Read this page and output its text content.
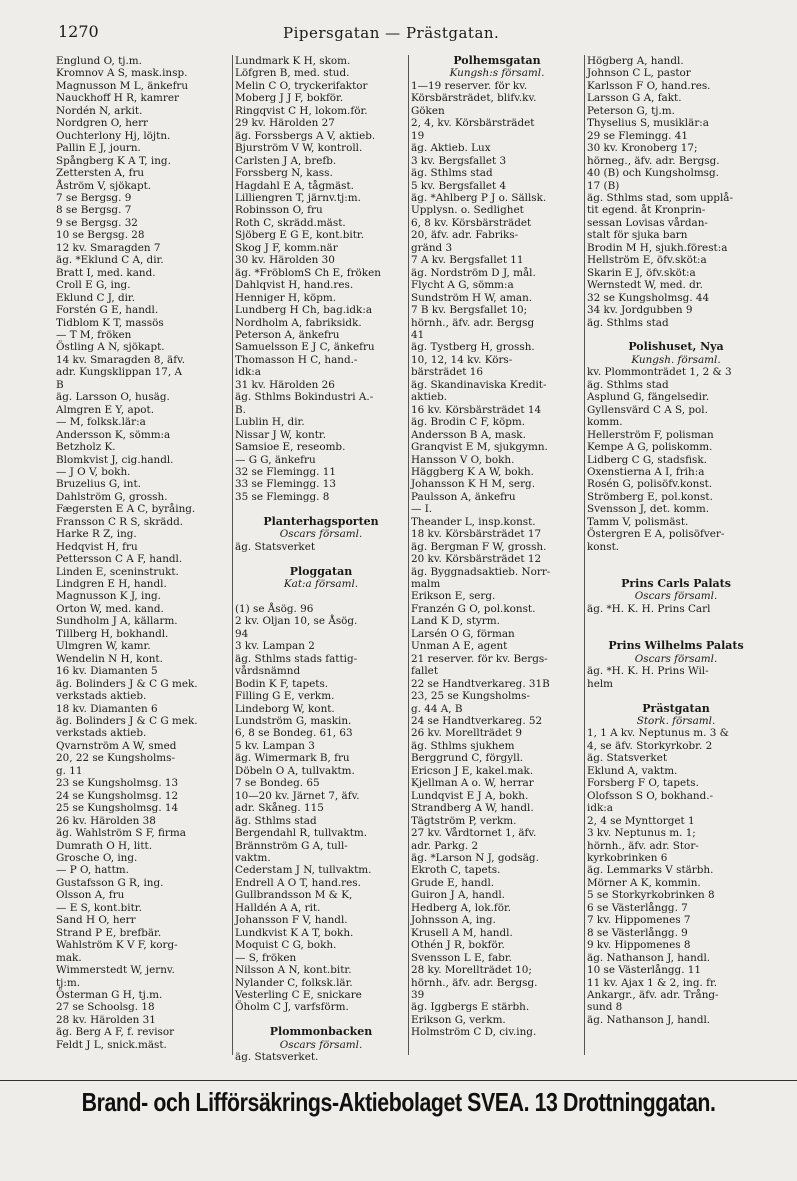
1270	Pipersgatan — Prästgatan.
Englund O, tj.m.
Kromnov A S, mask.insp.
Magnusson M L, änkefru
Nauckhoff H R, kamrer
Nordén N, arkit.
Nordgren O, herr
Ouchterlony Hj, löjtn.
Pallin E J, journ.
Spångberg K A T, ing.
Zettersten A, fru
Åström V, sjökapt.
7 se Bergsg. 9
8 se Bergsg. 7
9 se Bergsg. 32
10 se Bergsg. 28
12 kv. Smaragden 7
äg. *Eklund C A, dir.
Bratt I, med. kand.
Croll E G, ing.
Eklund C J, dir.
Forstén G E, handl.
Tidblom K T, massös
— T M, fröken
Östling A N, sjökapt.
14 kv. Smaragden 8, äfv.
adr. Kungsklippan 17, A
B
äg. Larsson O, husäg.
Almgren E Y, apot.
— M, folksk.lär:a
Andersson K, sömm:a
Betzholz K.
Blomkvist J, cig.handl.
— J O V, bokh.
Bruzelius G, int.
Dahlström G, grossh.
Fægersten E A C, byråing.
Fransson C R S, skrädd.
Harke R Z, ing.
Hedqvist H, fru
Pettersson C A F, handl.
Linden E, sceninstrukt.
Lindgren E H, handl.
Magnusson K J, ing.
Orton W, med. kand.
Sundholm J A, källarm.
Tillberg H, bokhandl.
Ulmgren W, kamr.
Wendelin N H, kont.
16 kv. Diamanten 5
äg. Bolinders J & C G mek.
verkstads aktieb.
18 kv. Diamanten 6
äg. Bolinders J & C G mek.
verkstads aktieb.
Qvarnström A W, smed
20, 22 se Kungsholms-
g. 11
23 se Kungsholmsg. 13
24 se Kungsholmsg. 12
25 se Kungsholmsg. 14
26 kv. Härolden 38
äg. Wahlström S F, firma
Dumrath O H, litt.
Grosche O, ing.
— P O, hattm.
Gustafsson G R, ing.
Olsson A, fru
— E S, kont.bitr.
Sand H O, herr
Strand P E, brefbär.
Wahlström K V F, korg-
mak.
Wimmerstedt W, jernv.
tj:m.
Österman G H, tj.m.
27 se Schoolsg. 18
28 kv. Härolden 31
äg. Berg A F, f. revisor
Feldt J L, snick.mäst.
Lundmark K H, skom.
Löfgren B, med. stud.
Melin C O, tryckerifaktor
Moberg J J F, bokför.
Ringqvist C H, lokom.för.
29 kv. Härolden 27
äg. Forssbergs A V, aktieb.
Bjurström V W, kontroll.
Carlsten J A, brefb.
Forssberg N, kass.
Hagdahl E A, tågmäst.
Lilliengren T, järnv.tj:m.
Robinsson O, fru
Roth C, skrädd.mäst.
Sjöberg E G E, kont.bitr.
Skog J F, komm.när
30 kv. Härolden 30
äg. *FröblomS Ch E, fröken
Dahlqvist H, hand.res.
Henniger H, köpm.
Lundberg H Ch, bag.idk:a
Nordholm A, fabriksidk.
Peterson A, änkefru
Samuelsson E J C, änkefru
Thomasson H C, hand.-
idk:a
31 kv. Härolden 26
äg. Sthlms Bokindustri A.-
B.
Lublin H, dir.
Nissar J W, kontr.
Samsioe E, reseomb.
— G G, änkefru
32 se Flemingg. 11
33 se Flemingg. 13
35 se Flemingg. 8
Planterhagsporten
Oscars församl.
äg. Statsverket
Ploggatan
Kat:a församl.
(1) se Åsög. 96
2 kv. Oljan 10, se Åsög.
94
3 kv. Lampan 2
äg. Sthlms stads fattig-
vårdsnämnd
Bodin K F, tapets.
Filling G E, verkm.
Lindeborg W, kont.
Lundström G, maskin.
6, 8 se Bondeg. 61, 63
5 kv. Lampan 3
äg. Wimermark B, fru
Döbeln O A, tullvaktm.
7 se Bondeg. 65
10—20 kv. Järnet 7, äfv.
adr. Skåneg. 115
äg. Sthlms stad
Bergendahl R, tullvaktm.
Brännström G A, tull-
vaktm.
Cederstam J N, tullvaktm.
Endrell A O T, hand.res.
Gullbrandsson M & K,
Halldén A A, rit.
Johansson F V, handl.
Lundkvist K A T, bokh.
Moquist C G, bokh.
— S, fröken
Nilsson A N, kont.bitr.
Nylander C, folksk.lär.
Vesterling C E, snickare
Öholm C J, varfsförm.
Plommonbacken
Oscars församl.
äg. Statsverket.
Polhemsgatan
Kungsh:s församl.
1—19 reserver. för kv.
Körsbärsträdet, blifv.kv.
Göken
2, 4, kv. Körsbärsträdet
19
äg. Aktieb. Lux
3 kv. Bergsfallet 3
äg. Sthlms stad
5 kv. Bergsfallet 4
äg. *Ahlberg P J o. Sällsk.
Upplysn. o. Sedlighet
6, 8 kv. Körsbärsträdet
20, äfv. adr. Fabriks-
gränd 3
7 A kv. Bergsfallet 11
äg. Nordström D J, mål.
Flycht A G, sömm:a
Sundström H W, aman.
7 B kv. Bergsfallet 10;
hörnh., äfv. adr. Bergsg
41
äg. Tystberg H, grossh.
10, 12, 14 kv. Körs-
bärsträdet 16
äg. Skandinaviska Kredit-
aktieb.
16 kv. Körsbärsträdet 14
äg. Brodin C F, köpm.
Andersson B A, mask.
Granqvist E M, sjukgymn.
Hansson V O, bokh.
Häggberg K A W, bokh.
Johansson K H M, serg.
Paulsson A, änkefru
— I.
Theander L, insp.konst.
18 kv. Körsbärsträdet 17
äg. Bergman F W, grossh.
20 kv. Körsbärsträdet 12
äg. Byggnadsaktieb. Norr-
malm
Erikson E, serg.
Franzén G O, pol.konst.
Land K D, styrm.
Larsén O G, förman
Unman A E, agent
21 reserver. för kv. Bergs-
fallet
22 se Handtverkareg. 31B
23, 25 se Kungsholms-
g. 44 A, B
24 se Handtverkareg. 52
26 kv. Morellträdet 9
äg. Sthlms sjukhem
Berggrund C, förgyll.
Ericson J E, kakel.mak.
Kjellman A o. W, herrar
Lundqvist E J A, bokh.
Strandberg A W, handl.
Tägtström P, verkm.
27 kv. Vårdtornet 1, äfv.
adr. Parkg. 2
äg. *Larson N J, godsäg.
Ekroth C, tapets.
Grude E, handl.
Guiron J A, handl.
Hedberg A, lok.för.
Johnsson A, ing.
Krusell A M, handl.
Othén J R, bokför.
Svensson L E, fabr.
28 ky. Morellträdet 10;
hörnh., äfv. adr. Bergsg.
39
äg. Iggbergs E stärbh.
Erikson G, verkm.
Holmström C D, civ.ing.
Högberg A, handl.
Johnson C L, pastor
Karlsson F O, hand.res.
Larsson G A, fakt.
Peterson G, tj.m.
Thyselius S, musiklär:a
29 se Flemingg. 41
30 kv. Kronoberg 17;
hörneg., äfv. adr. Bergsg.
40 (B) och Kungsholmsg.
17 (B)
äg. Sthlms stad, som upplå-
tit egend. åt Kronprin-
sessan Lovisas vårdan-
stalt för sjuka barn
Brodin M H, sjukh.förest:a
Hellström E, öfv.sköt:a
Skarin E J, öfv.sköt:a
Wernstedt W, med. dr.
32 se Kungsholmsg. 44
34 kv. Jordgubben 9
äg. Sthlms stad
Polishuset, Nya
Kungsh. församl.
kv. Plommonträdet 1, 2 & 3
äg. Sthlms stad
Asplund G, fängelsedir.
Gyllensvärd C A S, pol.
komm.
Hellerström F, polisman
Kempe A G, poliskomm.
Lidberg C G, stadsfisk.
Oxenstierna A I, frih:a
Rosén G, polisöfv.konst.
Strömberg E, pol.konst.
Svensson J, det. komm.
Tamm V, polismäst.
Östergren E A, polisöfver-
konst.
Prins Carls Palats
Oscars församl.
äg. *H. K. H. Prins Carl
Prins Wilhelms Palats
Oscars församl.
äg. *H. K. H. Prins Wil-
helm
Prästgatan
Stork. församl.
1, 1 A kv. Neptunus m. 3 &
4, se äfv. Storkyrkobr. 2
äg. Statsverket
Eklund A, vaktm.
Forsberg F O, tapets.
Olofsson S O, bokhand.-
idk:a
2, 4 se Mynttorget 1
3 kv. Neptunus m. 1;
hörnh., äfv. adr. Stor-
kyrkobrinken 6
äg. Lemmarks V stärbh.
Mörner A K, kommin.
5 se Storkyrkobrinken 8
6 se Västerlångg. 7
7 kv. Hippomenes 7
8 se Västerlångg. 9
9 kv. Hippomenes 8
äg. Nathanson J, handl.
10 se Västerlångg. 11
11 kv. Ajax 1 & 2, ing. fr.
Ankargr., äfv. adr. Trång-
sund 8
äg. Nathanson J, handl.
Brand- och Lifförsäkrings-Aktiebolaget SVEA. 13 Drottninggatan.
